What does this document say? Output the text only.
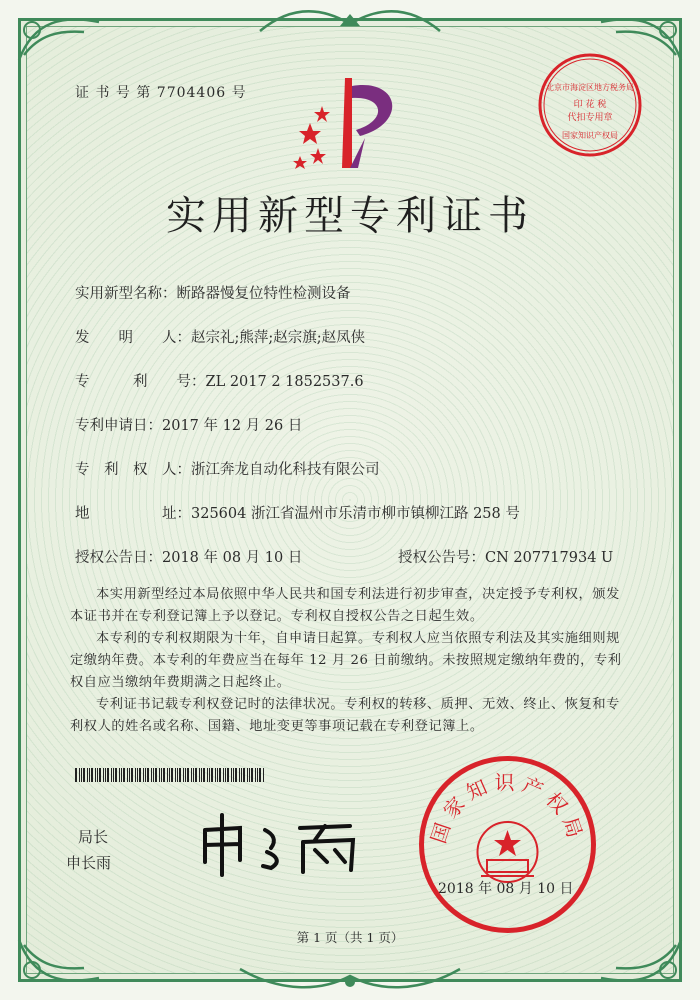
证 书 号 第 7704406 号	北京市海淀区地方税务局
印 花 税
代扣专用章
国家知识产权局
实用新型专利证书
实用新型名称：断路器慢复位特性检测设备
发　　明　　人：赵宗礼;熊萍;赵宗旗;赵凤侠
专　　　利　　号：ZL 2017 2 1852537.6
专利申请日：2017 年 12 月 26 日
专　利　权　人：浙江奔龙自动化科技有限公司
地　　　　　址：325604 浙江省温州市乐清市柳市镇柳江路 258 号
授权公告日：2018 年 08 月 10 日	授权公告号：CN 207717934 U
本实用新型经过本局依照中华人民共和国专利法进行初步审查，决定授予专利权，颁发本证书并在专利登记簿上予以登记。专利权自授权公告之日起生效。
本专利的专利权期限为十年，自申请日起算。专利权人应当依照专利法及其实施细则规定缴纳年费。本专利的年费应当在每年 12 月 26 日前缴纳。未按照规定缴纳年费的，专利权自应当缴纳年费期满之日起终止。
专利证书记载专利权登记时的法律状况。专利权的转移、质押、无效、终止、恢复和专利权人的姓名或名称、国籍、地址变更等事项记载在专利登记簿上。
局长
申长雨
国家知识产权局
2018 年 08 月 10 日
第 1 页（共 1 页）
